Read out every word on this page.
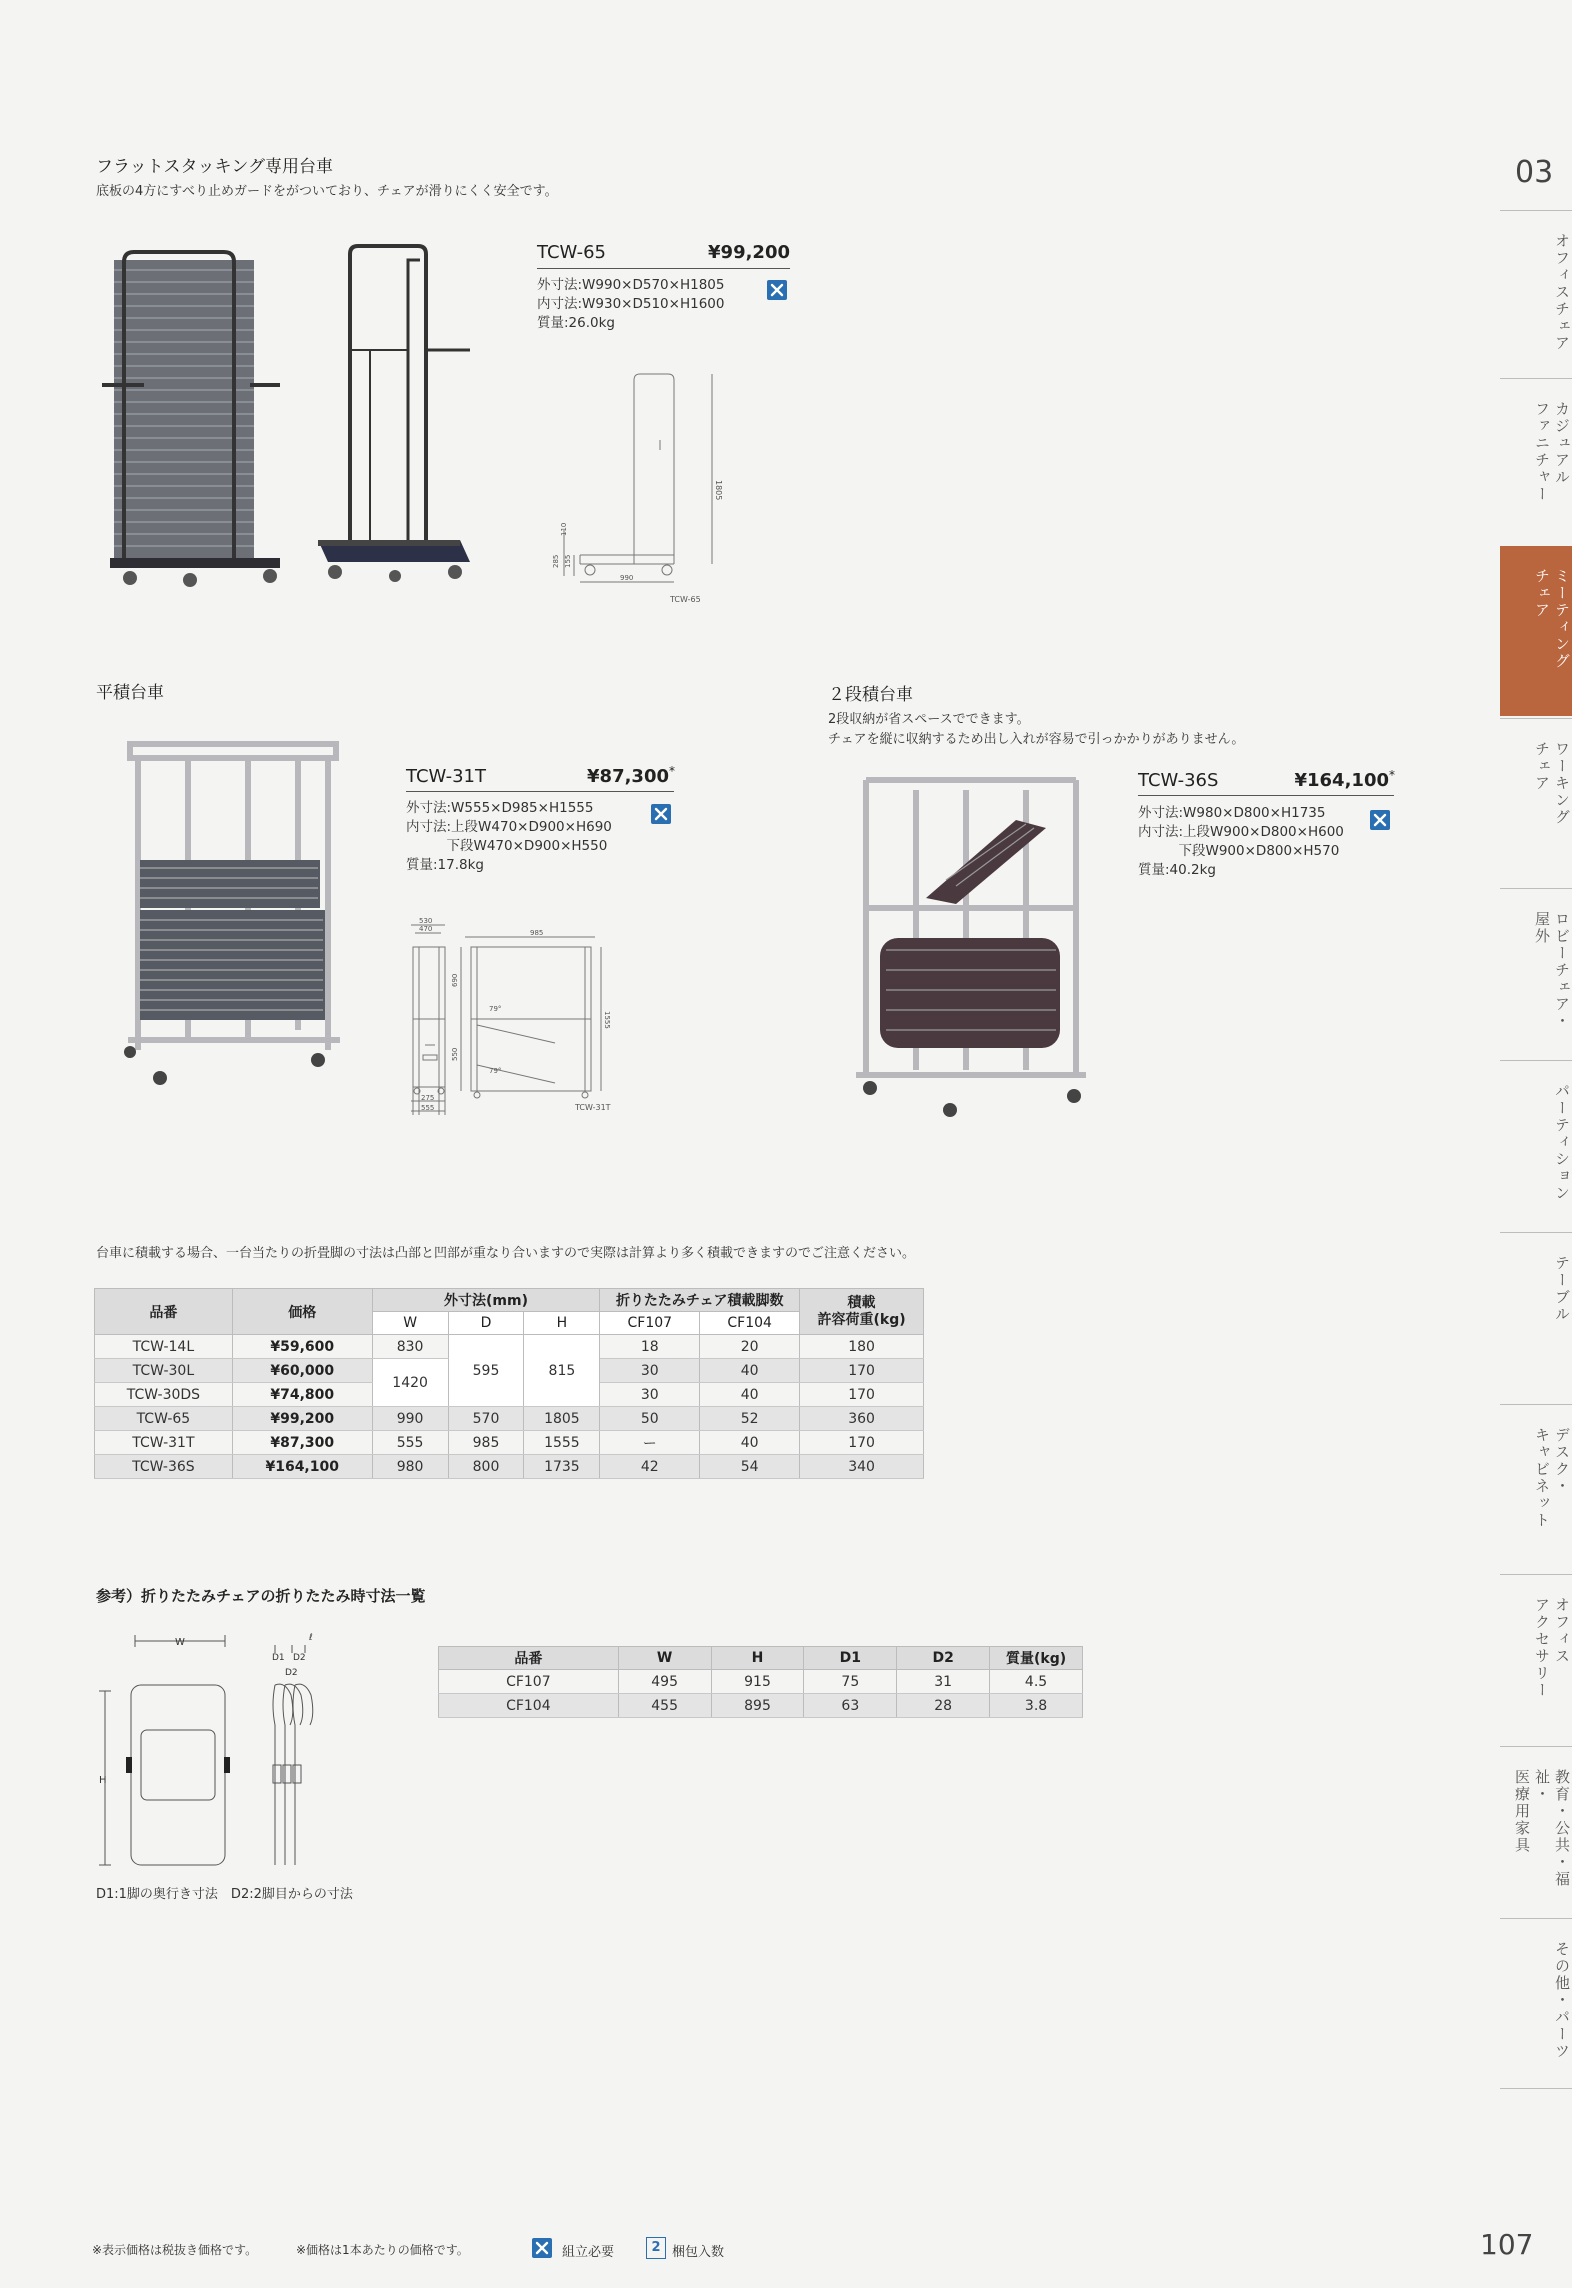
03
オフィスチェア
カジュアル
ファニチャー
ミーティング
チェア
ワーキング
チェア
ロビーチェア・
屋外
パーティション
テーブル
デスク・
キャビネット
オフィス
アクセサリー
教育・公共・福祉・
医療用家具
その他・パーツ
フラットスタッキング専用台車
底板の4方にすべり止めガードをがついており、チェアが滑りにくく安全です。
TCW-65	¥99,200
外寸法:W990×D570×H1805
内寸法:W930×D510×H1600
質量:26.0kg
1805
110
285 155
990
TCW-65
平積台車
TCW-31T	¥87,300*
外寸法:W555×D985×H1555
内寸法:上段W470×D900×H690
　　　下段W470×D900×H550
質量:17.8kg
530
470	985
690
550
1555
79°
79°
275
555	TCW-31T
２段積台車
2段収納が省スペースでできます。
チェアを縦に収納するため出し入れが容易で引っかかりがありません。
TCW-36S	¥164,100*
外寸法:W980×D800×H1735
内寸法:上段W900×D800×H600
　　　下段W900×D800×H570
質量:40.2kg
台車に積載する場合、一台当たりの折畳脚の寸法は凸部と凹部が重なり合いますので実際は計算より多く積載できますのでご注意ください。
品番	価格	外寸法(mm)			折りたたみチェア積載脚数		積載
許容荷重(kg)
		W	D	H	CF107	CF104	
TCW-14L	¥59,600	830	595	815	18	20	180
TCW-30L	¥60,000	1420			30	40	170
TCW-30DS	¥74,800				30	40	170
TCW-65	¥99,200	990	570	1805	50	52	360
TCW-31T	¥87,300	555	985	1555	ー	40	170
TCW-36S	¥164,100	980	800	1735	42	54	340
参考）折りたたみチェアの折りたたみ時寸法一覧
W
H
D1 D2
ℓ
D2
D1:1脚の奥行き寸法　D2:2脚目からの寸法
品番	W	H	D1	D2	質量(kg)
CF107	495	915	75	31	4.5
CF104	455	895	63	28	3.8
※表示価格は税抜き価格です。	※価格は1本あたりの価格です。	組立必要	2 梱包入数	107
